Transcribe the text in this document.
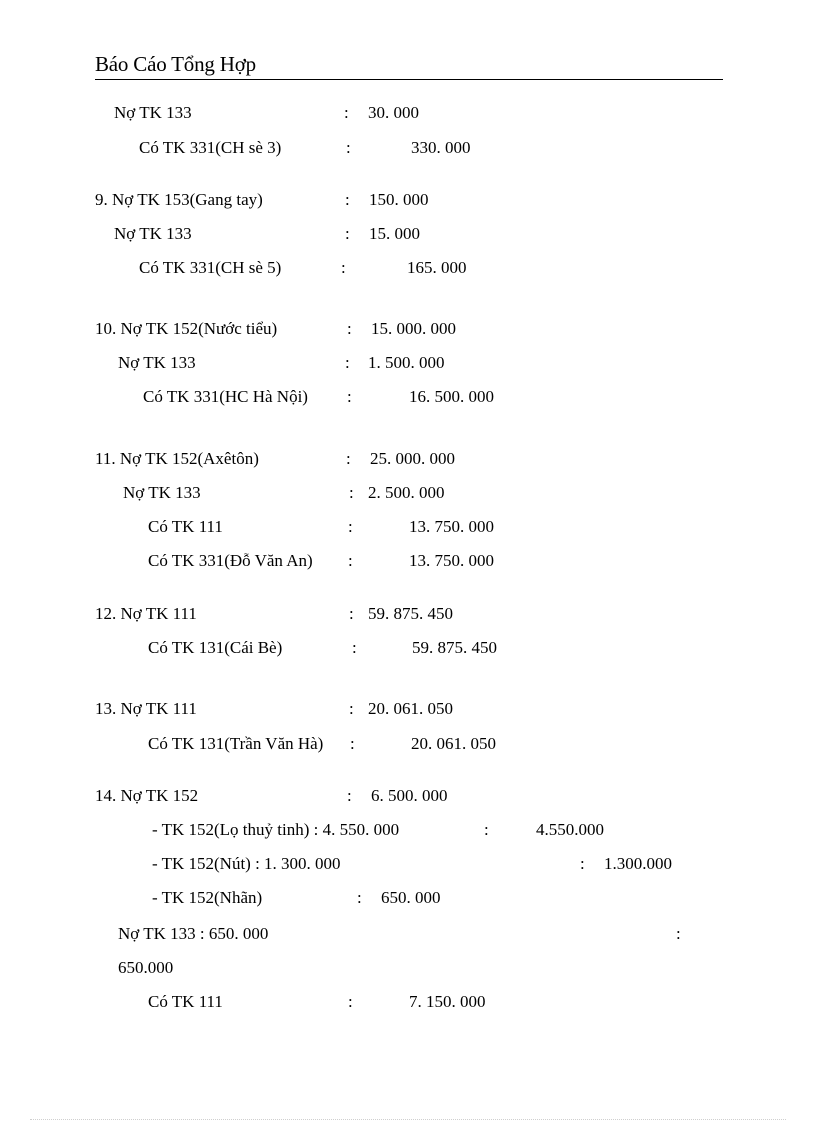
Báo Cáo Tổng Hợp
Nợ TK 133	: 30. 000
Có TK 331(CH sè 3)	:	330. 000
9. Nợ TK 153(Gang tay)	: 150. 000
Nợ TK 133	: 15. 000
Có TK 331(CH sè 5)	:	165. 000
10. Nợ TK 152(Nước tiểu)	: 15. 000. 000
Nợ TK 133	: 1. 500. 000
Có TK 331(HC Hà Nội) :	16. 500. 000
11. Nợ TK 152(Axêtôn)	: 25. 000. 000
Nợ TK 133	: 2. 500. 000
Có TK 111	:	13. 750. 000
Có TK 331(Đỗ Văn An) :	13. 750. 000
12. Nợ TK 111	: 59. 875. 450
Có TK 131(Cái Bè)	:	59. 875. 450
13. Nợ TK 111	: 20. 061. 050
Có TK 131(Trần Văn Hà) :	20. 061. 050
14. Nợ TK 152	: 6. 500. 000
- TK 152(Lọ thuỷ tinh) : 4. 550. 000	:	4.550.000
- TK 152(Nút) : 1. 300. 000	: 1.300.000
- TK 152(Nhãn)	: 650. 000
Nợ TK 133 : 650. 000	:
650.000
Có TK 111	:	7. 150. 000
